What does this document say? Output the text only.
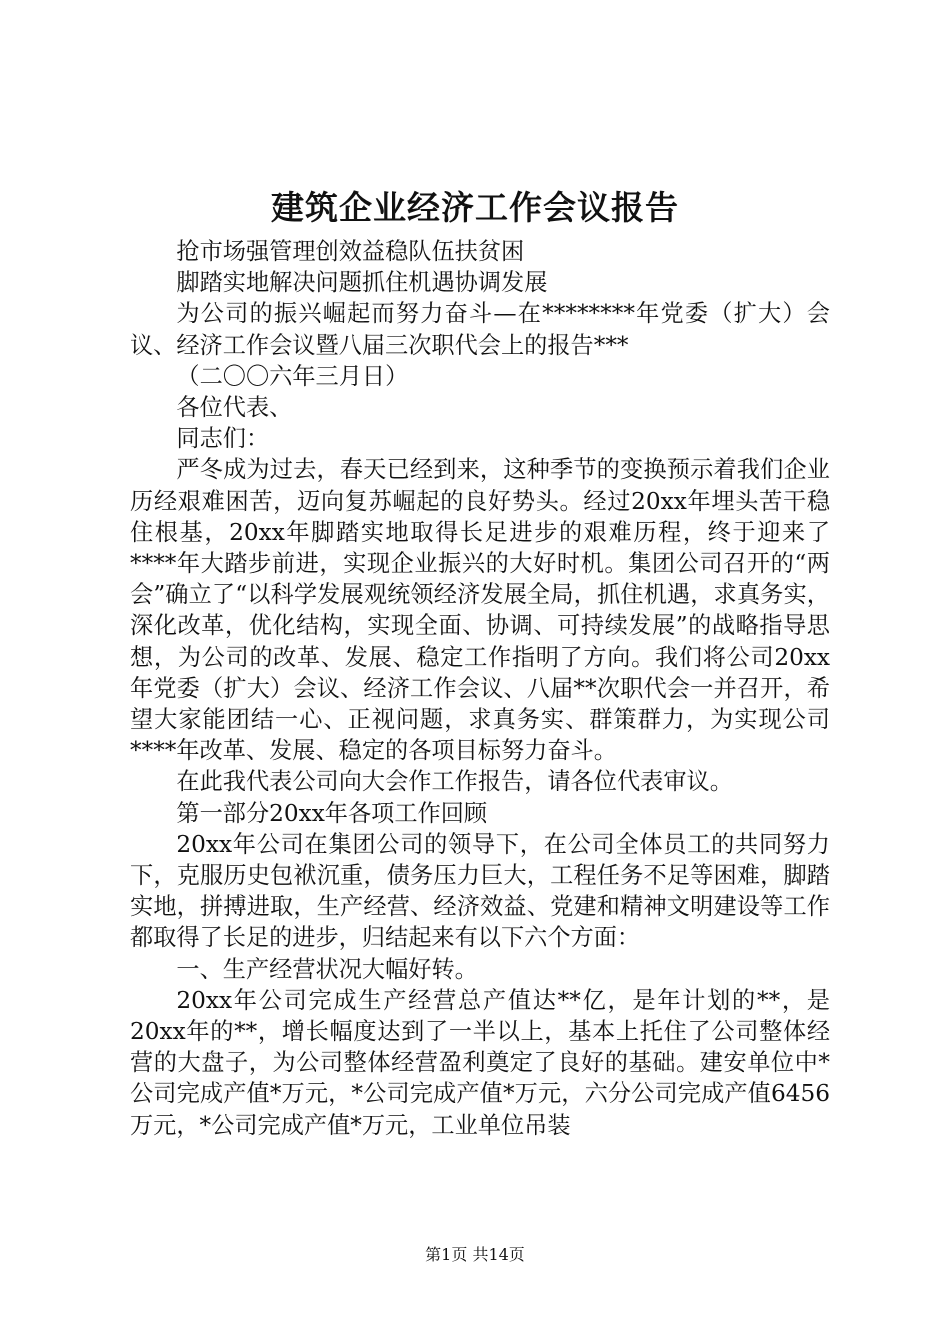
建筑企业经济工作会议报告

抢市场强管理创效益稳队伍扶贫困

脚踏实地解决问题抓住机遇协调发展

为公司的振兴崛起而努力奋斗—在********年党委（扩大）会议、经济工作会议暨八届三次职代会上的报告***

（二〇〇六年三月日）

各位代表、

同志们：

严冬成为过去，春天已经到来，这种季节的变换预示着我们企业历经艰难困苦，迈向复苏崛起的良好势头。经过20xx年埋头苦干稳住根基，20xx年脚踏实地取得长足进步的艰难历程，终于迎来了****年大踏步前进，实现企业振兴的大好时机。集团公司召开的“两会”确立了“以科学发展观统领经济发展全局，抓住机遇，求真务实，深化改革，优化结构，实现全面、协调、可持续发展”的战略指导思想，为公司的改革、发展、稳定工作指明了方向。我们将公司20xx年党委（扩大）会议、经济工作会议、八届**次职代会一并召开，希望大家能团结一心、正视问题，求真务实、群策群力，为实现公司****年改革、发展、稳定的各项目标努力奋斗。

在此我代表公司向大会作工作报告，请各位代表审议。

第一部分20xx年各项工作回顾

20xx年公司在集团公司的领导下，在公司全体员工的共同努力下，克服历史包袱沉重，债务压力巨大，工程任务不足等困难，脚踏实地，拼搏进取，生产经营、经济效益、党建和精神文明建设等工作都取得了长足的进步，归结起来有以下六个方面：

一、生产经营状况大幅好转。

20xx年公司完成生产经营总产值达**亿，是年计划的**，是20xx年的**，增长幅度达到了一半以上，基本上托住了公司整体经营的大盘子，为公司整体经营盈利奠定了良好的基础。建安单位中*公司完成产值*万元，*公司完成产值*万元，六分公司完成产值6456万元，*公司完成产值*万元，工业单位吊装

第1页 共14页
